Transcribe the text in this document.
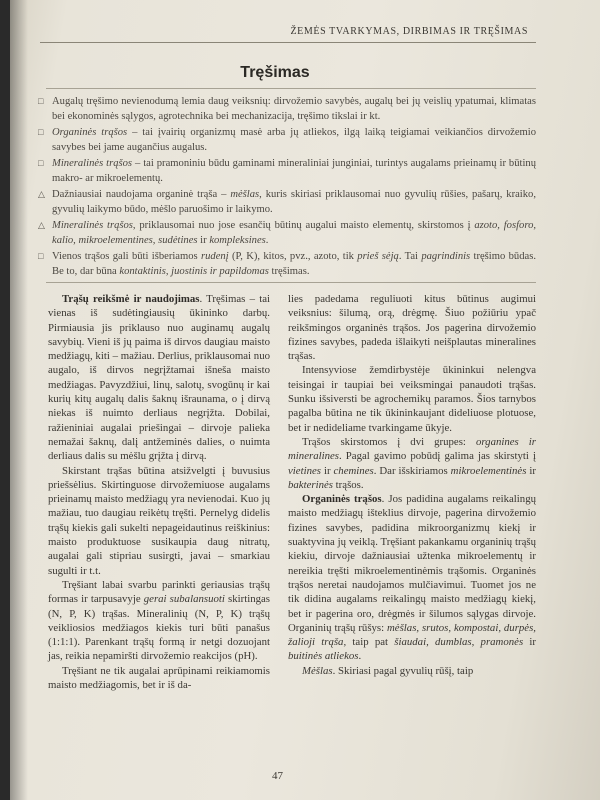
ŽEMĖS TVARKYMAS, DIRBIMAS IR TRĘŠIMAS
Tręšimas
□ Augalų tręšimo nevienodumą lemia daug veiksnių: dirvožemio savybės, augalų bei jų veislių ypatumai, klimatas bei ekonominės sąlygos, agrotechnika bei mechanizacija, tręšimo tikslai ir kt.
□ Organinės trąšos – tai įvairių organizmų masė arba jų atliekos, ilgą laiką teigiamai veikiančios dirvožemio savybes bei jame augančius augalus.
□ Mineralinės trąšos – tai pramoniniu būdu gaminami mineraliniai junginiai, turintys augalams prieinamų ir būtinų makro- ar mikroelementų.
△ Dažniausiai naudojama organinė trąša – mėšlas, kuris skiriasi priklausomai nuo gyvulių rūšies, pašarų, kraiko, gyvulių laikymo būdo, mėšlo paruošimo ir laikymo.
△ Mineralinės trąšos, priklausomai nuo jose esančių būtinų augalui maisto elementų, skirstomos į azoto, fosforo, kalio, mikroelementines, sudėtines ir kompleksines.
□ Vienos trąšos gali būti išberiamos rudenį (P, K), kitos, pvz., azoto, tik prieš sėją. Tai pagrindinis tręšimo būdas. Be to, dar būna kontaktinis, juostinis ir papildomas tręšimas.

Trąšų reikšmė ir naudojimas. Tręšimas – tai vienas iš sudėtingiausių ūkininko darbų. Pirmiausia jis priklauso nuo auginamų augalų savybių. Vieni iš jų paima iš dirvos daugiau maisto medžiagų, kiti – mažiau. Derlius, priklausomai nuo augalo, iš dirvos negrįžtamai išneša maisto medžiagas. Pavyzdžiui, linų, salotų, svogūnų ir kai kurių kitų augalų dalis šaknų išraunama, o į dirvą niekas iš nuimto derliaus negrįžta. Dobilai, ražieniniai augalai priešingai – dirvoje palieka nemažai šaknų, dalį antžeminės dalies, o nuimta derliaus dalis su mėšlu grįžta į dirvą.

Skirstant trąšas būtina atsižvelgti į buvusius priešsėlius. Skirtinguose dirvožemiuose augalams prieinamų maisto medžiagų yra nevienodai. Kuo jų mažiau, tuo daugiau reikėtų tręšti. Pernelyg didelis trąšų kiekis gali sukelti nepageidautinus reiškinius: maisto produktuose susikaupia daug nitratų, augalai gali stipriau susirgti, javai – smarkiau sugulti ir t.t.

Tręšiant labai svarbu parinkti geriausias trąšų formas ir tarpusavyje gerai subalansuoti skirtingas (N, P, K) trąšas. Mineralinių (N, P, K) trąšų veikliosios medžiagos kiekis turi būti panašus (1:1:1). Parenkant trąšų formą ir netgi dozuojant jas, reikia nepamiršti dirvožemio reakcijos (pH).

Tręšiant ne tik augalai aprūpinami reikiamomis maisto medžiagomis, bet ir iš da-

lies padedama reguliuoti kitus būtinus augimui veiksnius: šilumą, orą, drėgmę. Šiuo požiūriu ypač reikšmingos organinės trąšos. Jos pagerina dirvožemio fizines savybes, padeda išlaikyti neišplautas mineralines trąšas.

Intensyviose žemdirbystėje ūkininkui nelengva teisingai ir taupiai bei veiksmingai panaudoti trąšas. Sunku išsiversti be agrochemikų paramos. Šios tarnybos pagalba būtina ne tik ūkininkaujant dideliuose plotuose, bet ir nedideliame tvarkingame ūkyje.

Trąšos skirstomos į dvi grupes: organines ir mineralines. Pagal gavimo pobūdį galima jas skirstyti į vietines ir chemines. Dar išskiriamos mikroelementinės ir bakterinės trąšos.

Organinės trąšos. Jos padidina augalams reikalingų maisto medžiagų išteklius dirvoje, pagerina dirvožemio fizines savybes, padidina mikroorganizmų kiekį ir suaktyvina jų veiklą. Tręšiant pakankamu organinių trąšų kiekiu, dirvoje dažniausiai užtenka mikroelementų ir nereikia tręšti mikroelementinėmis trąšomis. Organinės trąšos neretai naudojamos mulčiavimui. Tuomet jos ne tik didina augalams reikalingų maisto medžiagų kiekį, bet ir pagerina oro, drėgmės ir šilumos sąlygas dirvoje. Organinių trąšų rūšys: mėšlas, srutos, kompostai, durpės, žalioji trąša, taip pat šiaudai, dumblas, pramonės ir buitinės atliekos.

Mėšlas. Skiriasi pagal gyvulių rūšį, taip

47
